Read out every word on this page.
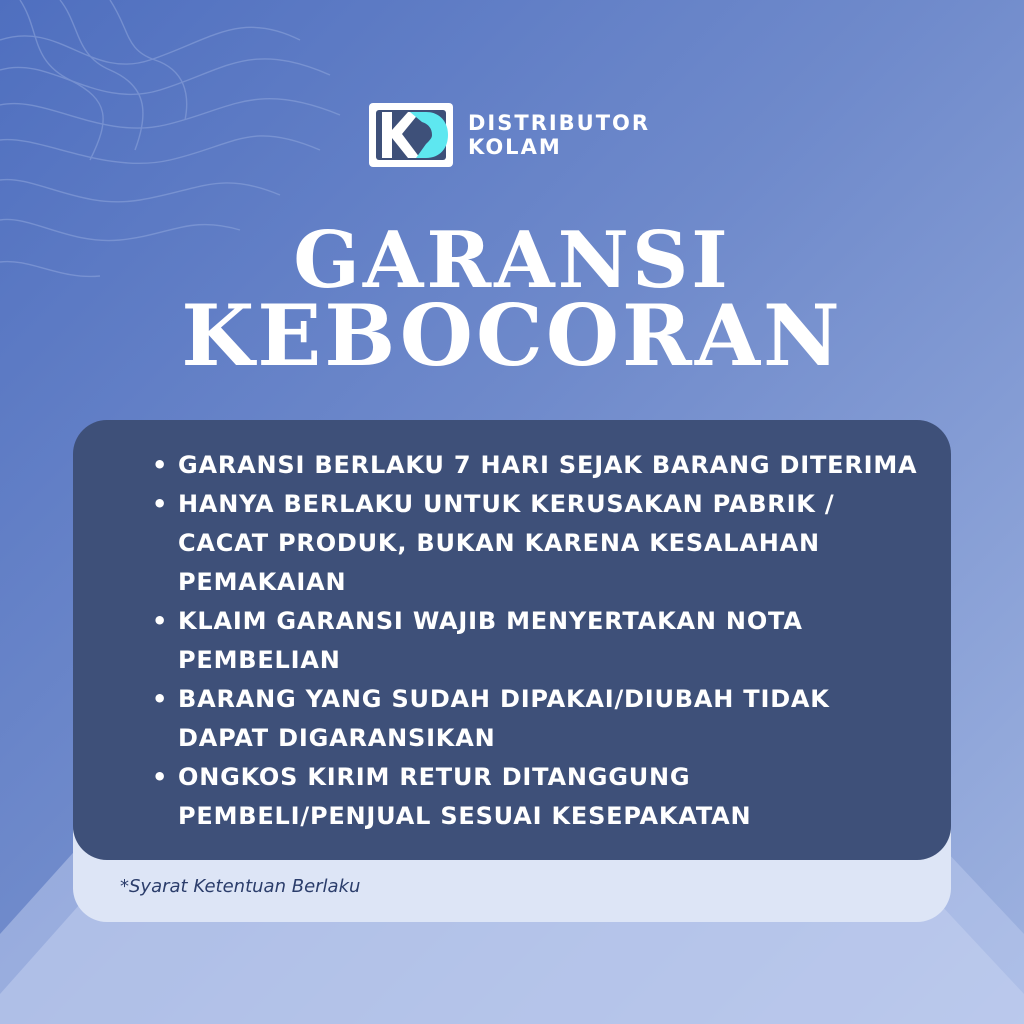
DISTRIBUTOR
KOLAM
GARANSI
KEBOCORAN
• GARANSI BERLAKU 7 HARI SEJAK BARANG DITERIMA
• HANYA BERLAKU UNTUK KERUSAKAN PABRIK / CACAT PRODUK, BUKAN KARENA KESALAHAN PEMAKAIAN
• KLAIM GARANSI WAJIB MENYERTAKAN NOTA PEMBELIAN
• BARANG YANG SUDAH DIPAKAI/DIUBAH TIDAK DAPAT DIGARANSIKAN
• ONGKOS KIRIM RETUR DITANGGUNG PEMBELI/PENJUAL SESUAI KESEPAKATAN
*Syarat Ketentuan Berlaku
